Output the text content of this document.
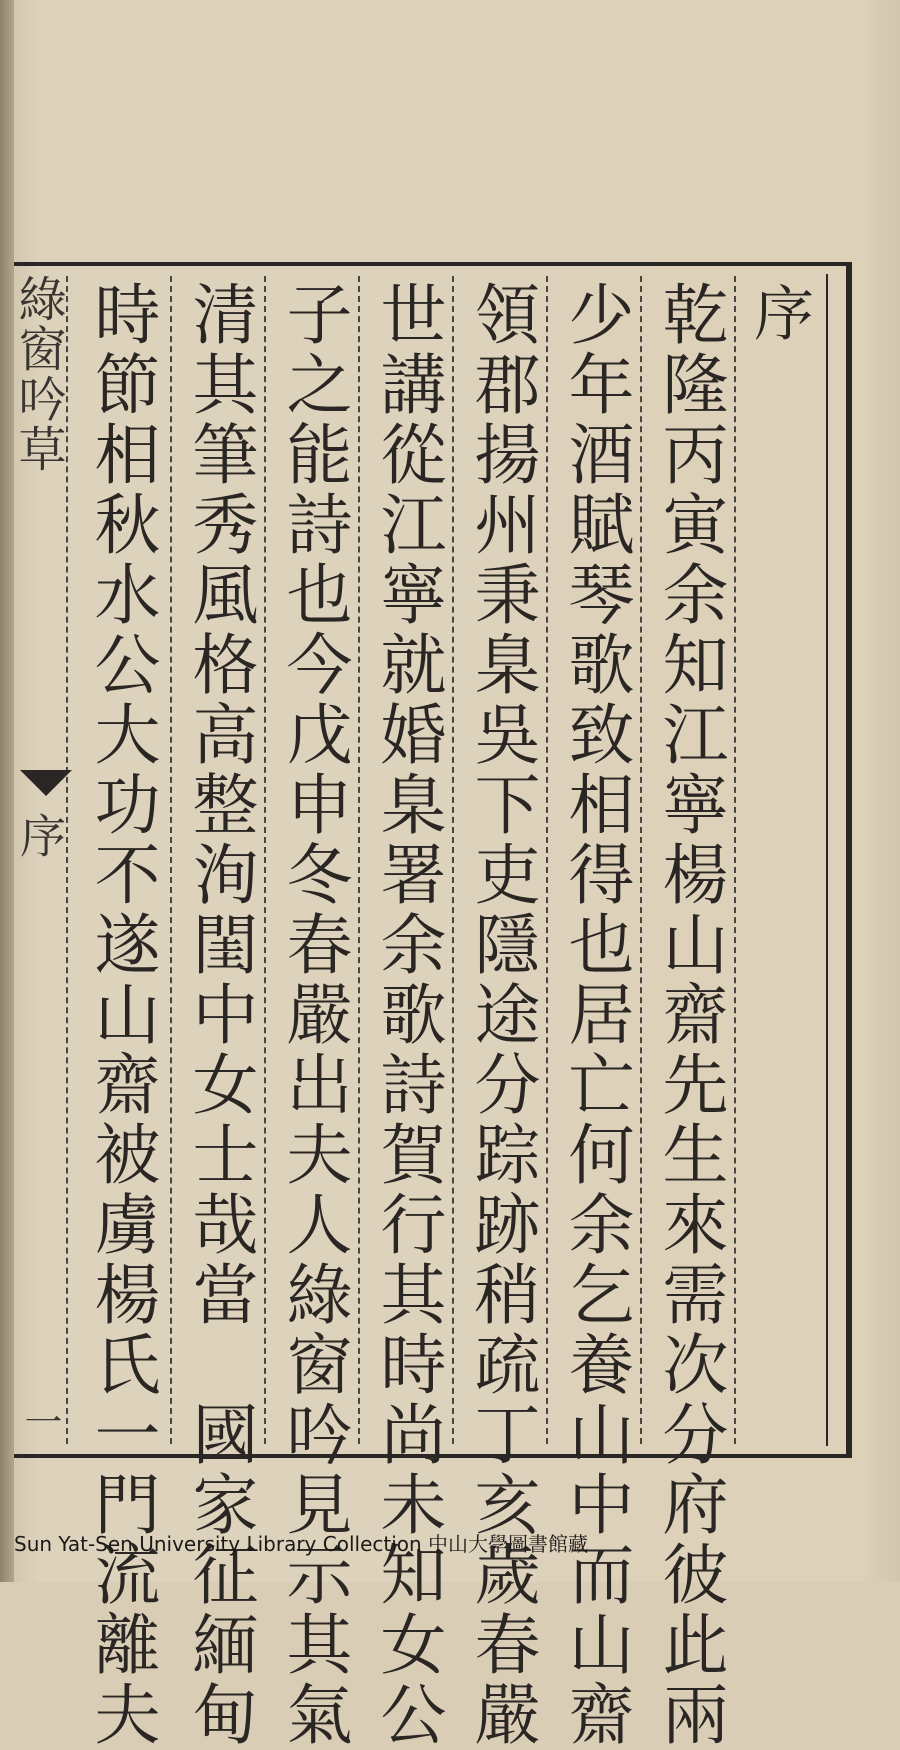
序
乾隆丙寅余知江寧楊山齋先生來需次分府彼此兩
少年酒賦琴歌致相得也居亡何余乞養山中而山齋
領郡揚州秉臬吳下吏隱途分踪跡稍疏丁亥歲春嚴
世講從江寧就婚臬署余歌詩賀行其時尚未知女公
子之能詩也今戊申冬春嚴出夫人綠窗吟見示其氣
清其筆秀風格高整洵閨中女士哉當　國家征緬甸
時節相秋水公大功不遂山齋被虜楊氏一門流離夫
綠窗吟草
序
一
Sun Yat-Sen University Library Collection 中山大學圖書館藏
